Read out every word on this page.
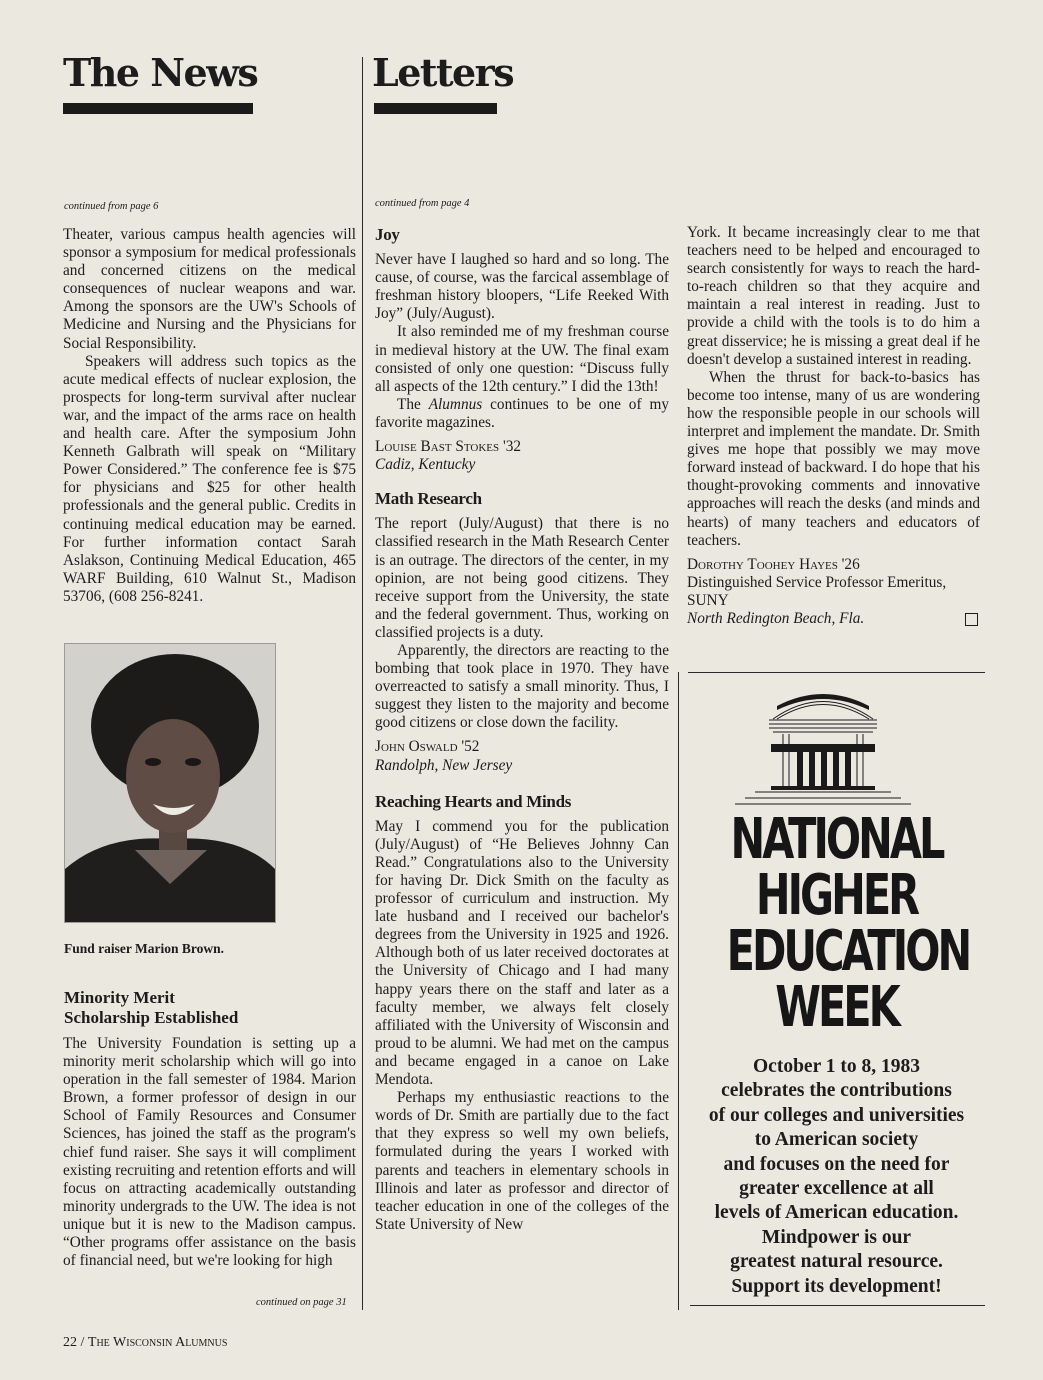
The News	Letters
continued from page 6	continued from page 4

Theater, various campus health agencies will sponsor a symposium for medical professionals and concerned citizens on the medical consequences of nuclear weapons and war. Among the sponsors are the UW's Schools of Medicine and Nursing and the Physicians for Social Responsibility.

Speakers will address such topics as the acute medical effects of nuclear explosion, the prospects for long-term survival after nuclear war, and the impact of the arms race on health and health care. After the symposium John Kenneth Galbrath will speak on “Military Power Considered.” The conference fee is $75 for physicians and $25 for other health professionals and the general public. Credits in continuing medical education may be earned. For further information contact Sarah Aslakson, Continuing Medical Education, 465 WARF Building, 610 Walnut St., Madison 53706, (608 256-8241.

Fund raiser Marion Brown.
Minority Merit
Scholarship Established

The University Foundation is setting up a minority merit scholarship which will go into operation in the fall semester of 1984. Marion Brown, a former professor of design in our School of Family Resources and Consumer Sciences, has joined the staff as the program's chief fund raiser. She says it will compliment existing recruiting and retention efforts and will focus on attracting academically outstanding minority undergrads to the UW. The idea is not unique but it is new to the Madison campus. “Other programs offer assistance on the basis of financial need, but we're looking for high

continued on page 31
Joy

Never have I laughed so hard and so long. The cause, of course, was the farcical assemblage of freshman history bloopers, “Life Reeked With Joy” (July/August).

It also reminded me of my freshman course in medieval history at the UW. The final exam consisted of only one question: “Discuss fully all aspects of the 12th century.” I did the 13th!

The Alumnus continues to be one of my favorite magazines.

Louise Bast Stokes '32

Cadiz, Kentucky

Math Research

The report (July/August) that there is no classified research in the Math Research Center is an outrage. The directors of the center, in my opinion, are not being good citizens. They receive support from the University, the state and the federal government. Thus, working on classified projects is a duty.

Apparently, the directors are reacting to the bombing that took place in 1970. They have overreacted to satisfy a small minority. Thus, I suggest they listen to the majority and become good citizens or close down the facility.

John Oswald '52

Randolph, New Jersey

Reaching Hearts and Minds

May I commend you for the publication (July/August) of “He Believes Johnny Can Read.” Congratulations also to the University for having Dr. Dick Smith on the faculty as professor of curriculum and instruction. My late husband and I received our bachelor's degrees from the University in 1925 and 1926. Although both of us later received doctorates at the University of Chicago and I had many happy years there on the staff and later as a faculty member, we always felt closely affiliated with the University of Wisconsin and proud to be alumni. We had met on the campus and became engaged in a canoe on Lake Mendota.

Perhaps my enthusiastic reactions to the words of Dr. Smith are partially due to the fact that they express so well my own beliefs, formulated during the years I worked with parents and teachers in elementary schools in Illinois and later as professor and director of teacher education in one of the colleges of the State University of New

York. It became increasingly clear to me that teachers need to be helped and encouraged to search consistently for ways to reach the hard-to-reach children so that they acquire and maintain a real interest in reading. Just to provide a child with the tools is to do him a great disservice; he is missing a great deal if he doesn't develop a sustained interest in reading.

When the thrust for back-to-basics has become too intense, many of us are wondering how the responsible people in our schools will interpret and implement the mandate. Dr. Smith gives me hope that possibly we may move forward instead of backward. I do hope that his thought-provoking comments and innovative approaches will reach the desks (and minds and hearts) of many teachers and educators of teachers.

Dorothy Toohey Hayes '26

Distinguished Service Professor Emeritus, SUNY

North Redington Beach, Fla.

NATIONAL
HIGHER
EDUCATION
WEEK
October 1 to 8, 1983
celebrates the contributions
of our colleges and universities
to American society
and focuses on the need for
greater excellence at all
levels of American education.
Mindpower is our
greatest natural resource.
Support its development!
22 / The Wisconsin Alumnus
